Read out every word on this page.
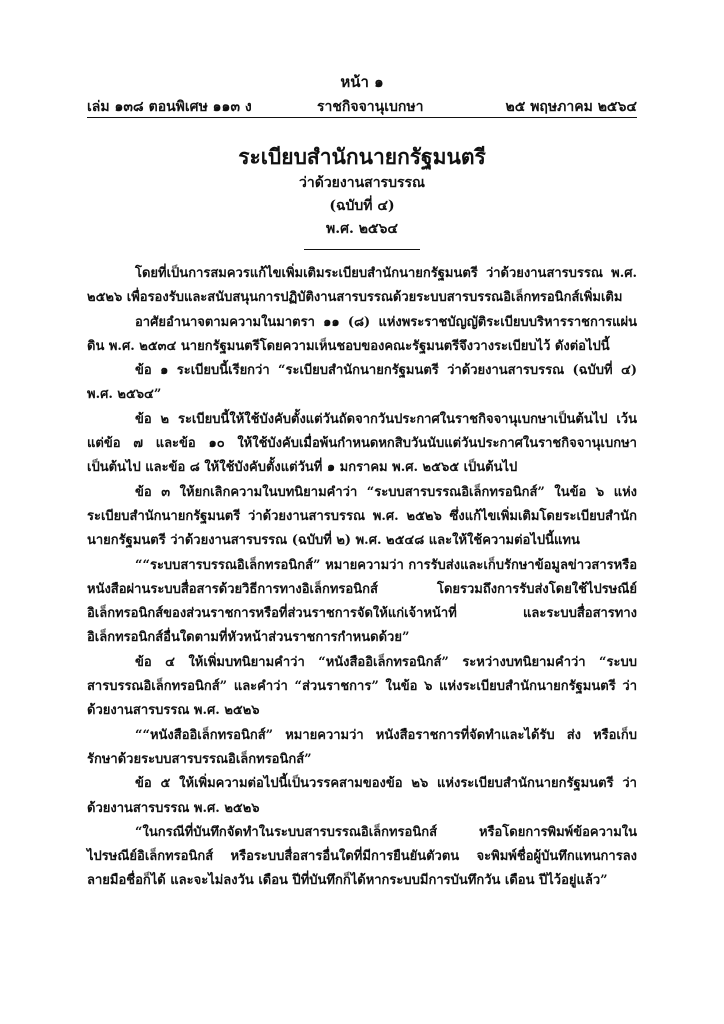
หน้า ๑
เล่ม ๑๓๘ ตอนพิเศษ ๑๑๓ ง	ราชกิจจานุเบกษา	๒๕ พฤษภาคม ๒๕๖๔
ระเบียบสำนักนายกรัฐมนตรี
ว่าด้วยงานสารบรรณ
(ฉบับที่ ๔)
พ.ศ. ๒๕๖๔

โดยที่เป็นการสมควรแก้ไขเพิ่มเติมระเบียบสำนักนายกรัฐมนตรี ว่าด้วยงานสารบรรณ พ.ศ. ๒๕๒๖ เพื่อรองรับและสนับสนุนการปฏิบัติงานสารบรรณด้วยระบบสารบรรณอิเล็กทรอนิกส์เพิ่มเติม

อาศัยอำนาจตามความในมาตรา ๑๑ (๘) แห่งพระราชบัญญัติระเบียบบริหารราชการแผ่นดิน พ.ศ. ๒๕๓๔ นายกรัฐมนตรีโดยความเห็นชอบของคณะรัฐมนตรีจึงวางระเบียบไว้ ดังต่อไปนี้

ข้อ ๑ ระเบียบนี้เรียกว่า “ระเบียบสำนักนายกรัฐมนตรี ว่าด้วยงานสารบรรณ (ฉบับที่ ๔) พ.ศ. ๒๕๖๔”

ข้อ ๒ ระเบียบนี้ให้ใช้บังคับตั้งแต่วันถัดจากวันประกาศในราชกิจจานุเบกษาเป็นต้นไป เว้นแต่ข้อ ๗ และข้อ ๑๐ ให้ใช้บังคับเมื่อพ้นกำหนดหกสิบวันนับแต่วันประกาศในราชกิจจานุเบกษาเป็นต้นไป และข้อ ๘ ให้ใช้บังคับตั้งแต่วันที่ ๑ มกราคม พ.ศ. ๒๕๖๕ เป็นต้นไป

ข้อ ๓ ให้ยกเลิกความในบทนิยามคำว่า “ระบบสารบรรณอิเล็กทรอนิกส์” ในข้อ ๖ แห่งระเบียบสำนักนายกรัฐมนตรี ว่าด้วยงานสารบรรณ พ.ศ. ๒๕๒๖ ซึ่งแก้ไขเพิ่มเติมโดยระเบียบสำนักนายกรัฐมนตรี ว่าด้วยงานสารบรรณ (ฉบับที่ ๒) พ.ศ. ๒๕๔๘ และให้ใช้ความต่อไปนี้แทน

““ระบบสารบรรณอิเล็กทรอนิกส์” หมายความว่า การรับส่งและเก็บรักษาข้อมูลข่าวสารหรือหนังสือผ่านระบบสื่อสารด้วยวิธีการทางอิเล็กทรอนิกส์ โดยรวมถึงการรับส่งโดยใช้ไปรษณีย์อิเล็กทรอนิกส์ของส่วนราชการหรือที่ส่วนราชการจัดให้แก่เจ้าหน้าที่ และระบบสื่อสารทางอิเล็กทรอนิกส์อื่นใดตามที่หัวหน้าส่วนราชการกำหนดด้วย”

ข้อ ๔ ให้เพิ่มบทนิยามคำว่า “หนังสืออิเล็กทรอนิกส์” ระหว่างบทนิยามคำว่า “ระบบสารบรรณอิเล็กทรอนิกส์” และคำว่า “ส่วนราชการ” ในข้อ ๖ แห่งระเบียบสำนักนายกรัฐมนตรี ว่าด้วยงานสารบรรณ พ.ศ. ๒๕๒๖

““หนังสืออิเล็กทรอนิกส์” หมายความว่า หนังสือราชการที่จัดทำและได้รับ ส่ง หรือเก็บรักษาด้วยระบบสารบรรณอิเล็กทรอนิกส์”

ข้อ ๕ ให้เพิ่มความต่อไปนี้เป็นวรรคสามของข้อ ๒๖ แห่งระเบียบสำนักนายกรัฐมนตรี ว่าด้วยงานสารบรรณ พ.ศ. ๒๕๒๖

“ในกรณีที่บันทึกจัดทำในระบบสารบรรณอิเล็กทรอนิกส์ หรือโดยการพิมพ์ข้อความในไปรษณีย์อิเล็กทรอนิกส์ หรือระบบสื่อสารอื่นใดที่มีการยืนยันตัวตน จะพิมพ์ชื่อผู้บันทึกแทนการลงลายมือชื่อก็ได้ และจะไม่ลงวัน เดือน ปีที่บันทึกก็ได้หากระบบมีการบันทึกวัน เดือน ปีไว้อยู่แล้ว”
